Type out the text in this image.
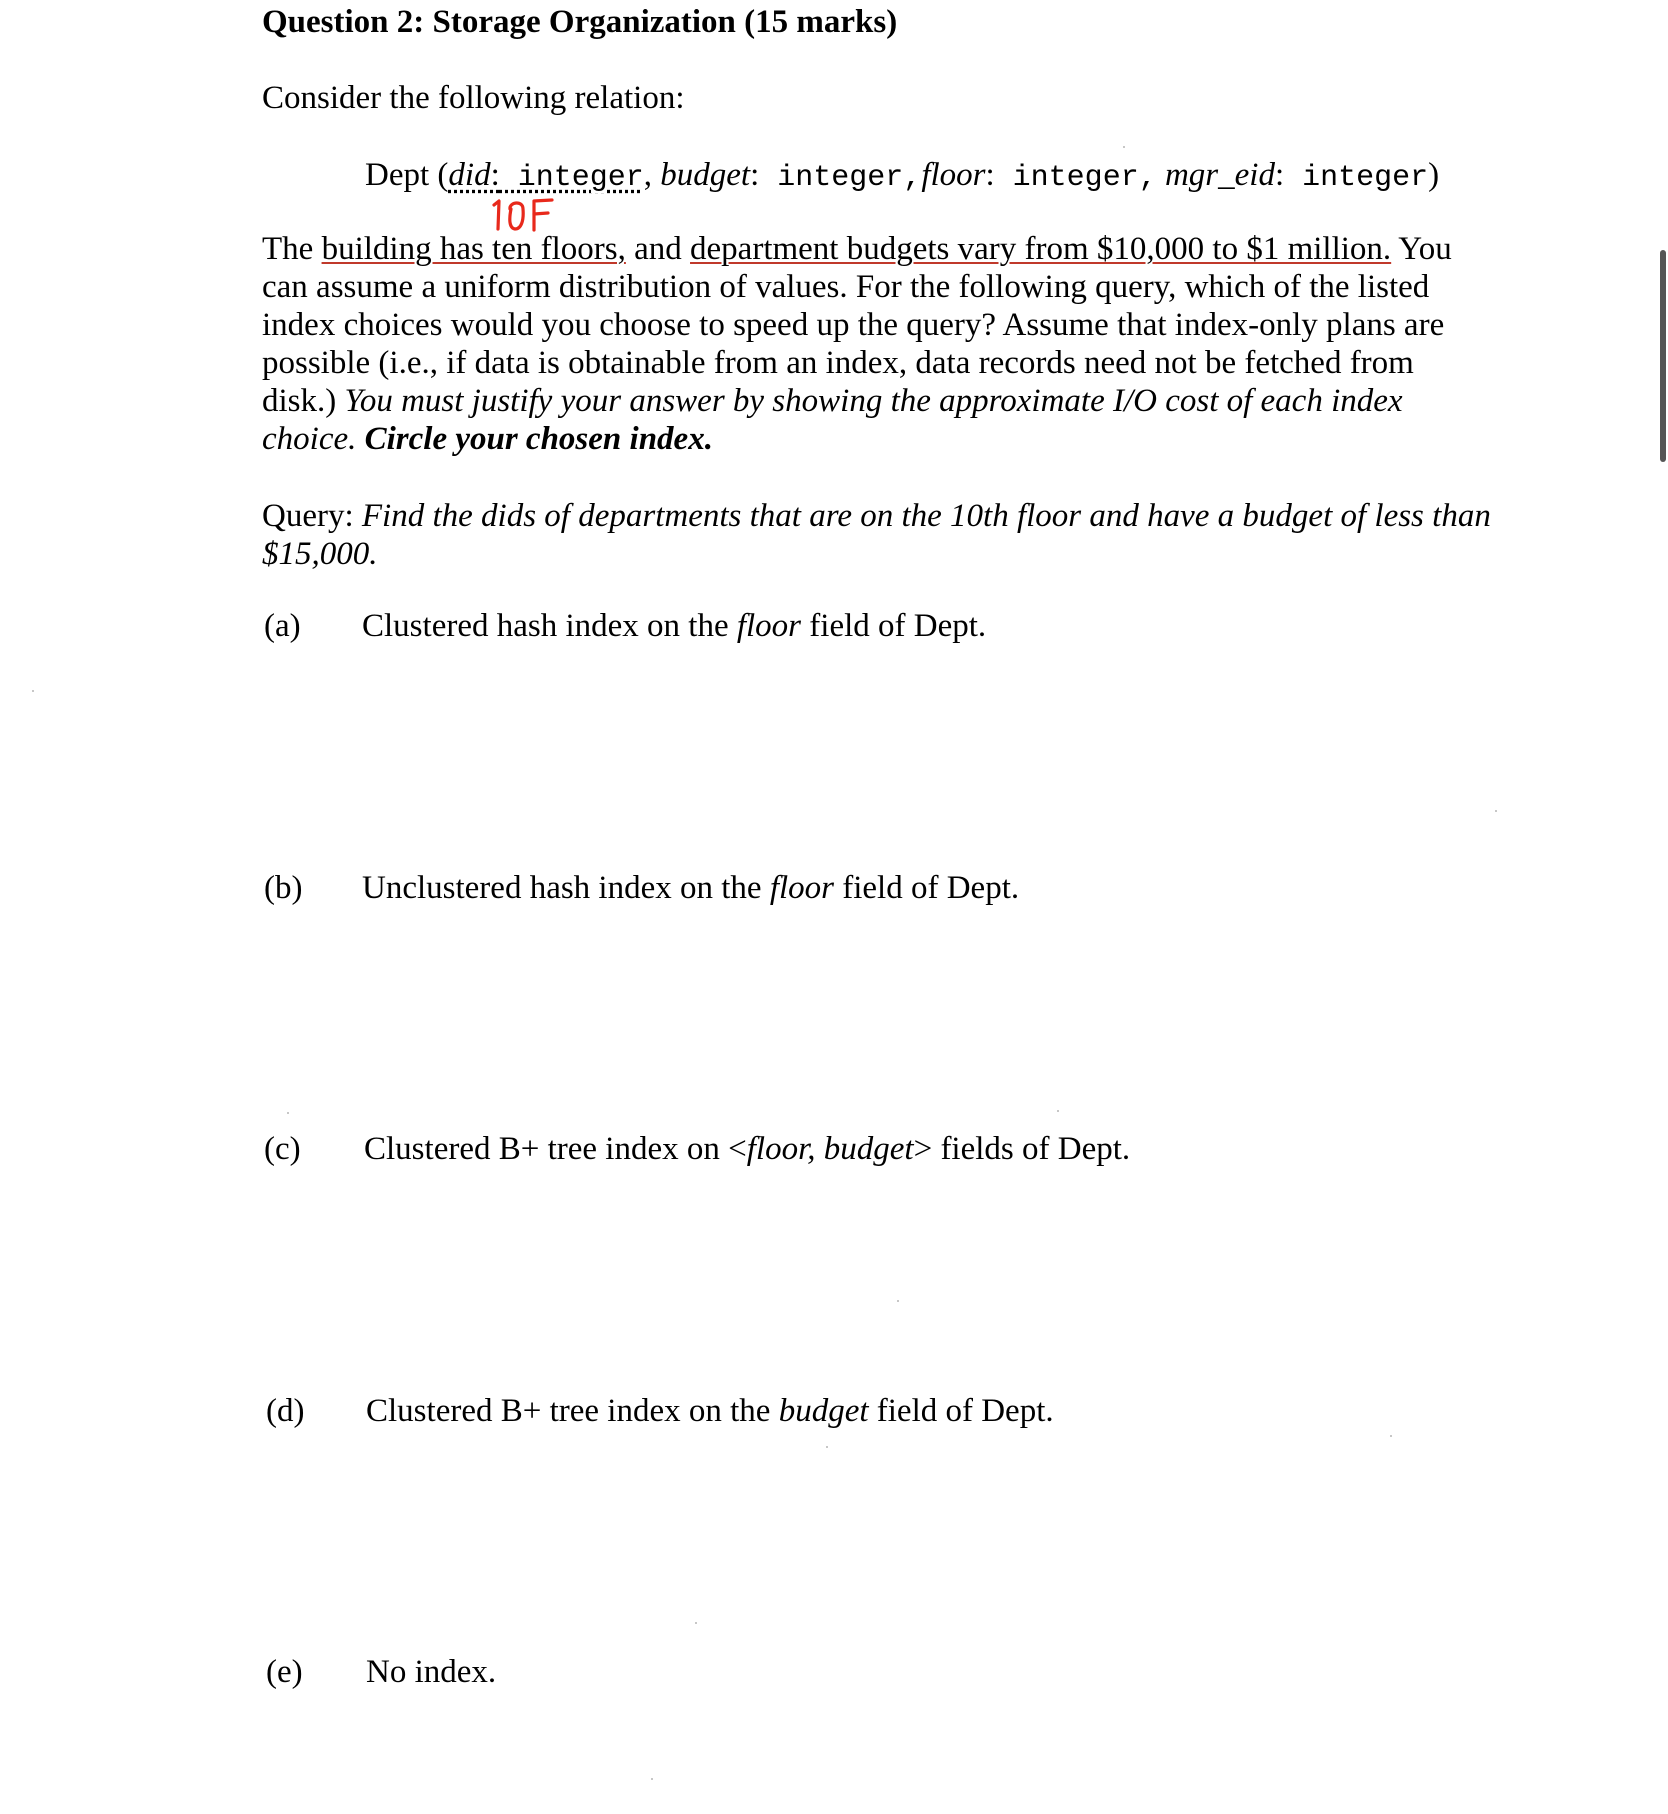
Question 2: Storage Organization (15 marks)
Consider the following relation:
Dept (did: integer, budget: integer,floor: integer, mgr_eid: integer)
The building has ten floors, and department budgets vary from $10,000 to $1 million. You can assume a uniform distribution of values. For the following query, which of the listed index choices would you choose to speed up the query? Assume that index-only plans are possible (i.e., if data is obtainable from an index, data records need not be fetched from disk.) You must justify your answer by showing the approximate I/O cost of each index choice. Circle your chosen index.
Query: Find the dids of departments that are on the 10th floor and have a budget of less than $15,000.
(a) Clustered hash index on the floor field of Dept.
(b) Unclustered hash index on the floor field of Dept.
(c) Clustered B+ tree index on <floor, budget> fields of Dept.
(d) Clustered B+ tree index on the budget field of Dept.
(e) No index.
